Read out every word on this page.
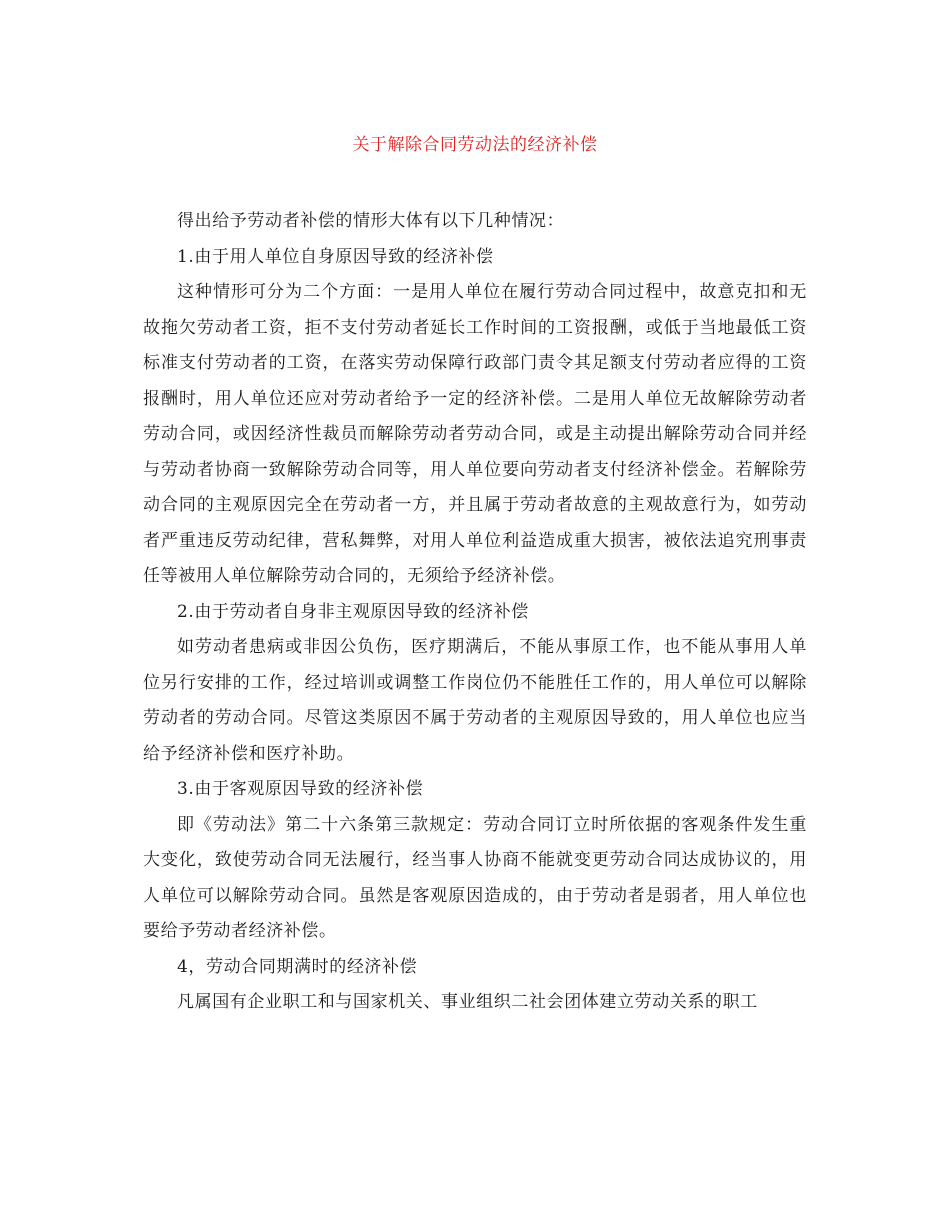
关于解除合同劳动法的经济补偿

得出给予劳动者补偿的情形大体有以下几种情况：

1.由于用人单位自身原因导致的经济补偿

这种情形可分为二个方面：一是用人单位在履行劳动合同过程中，故意克扣和无故拖欠劳动者工资，拒不支付劳动者延长工作时间的工资报酬，或低于当地最低工资标准支付劳动者的工资，在落实劳动保障行政部门责令其足额支付劳动者应得的工资报酬时，用人单位还应对劳动者给予一定的经济补偿。二是用人单位无故解除劳动者劳动合同，或因经济性裁员而解除劳动者劳动合同，或是主动提出解除劳动合同并经与劳动者协商一致解除劳动合同等，用人单位要向劳动者支付经济补偿金。若解除劳动合同的主观原因完全在劳动者一方，并且属于劳动者故意的主观故意行为，如劳动者严重违反劳动纪律，营私舞弊，对用人单位利益造成重大损害，被依法追究刑事责任等被用人单位解除劳动合同的，无须给予经济补偿。

2.由于劳动者自身非主观原因导致的经济补偿

如劳动者患病或非因公负伤，医疗期满后，不能从事原工作，也不能从事用人单位另行安排的工作，经过培训或调整工作岗位仍不能胜任工作的，用人单位可以解除劳动者的劳动合同。尽管这类原因不属于劳动者的主观原因导致的，用人单位也应当给予经济补偿和医疗补助。

3.由于客观原因导致的经济补偿

即《劳动法》第二十六条第三款规定：劳动合同订立时所依据的客观条件发生重大变化，致使劳动合同无法履行，经当事人协商不能就变更劳动合同达成协议的，用人单位可以解除劳动合同。虽然是客观原因造成的，由于劳动者是弱者，用人单位也要给予劳动者经济补偿。

4，劳动合同期满时的经济补偿

凡属国有企业职工和与国家机关、事业组织二社会团体建立劳动关系的职工
